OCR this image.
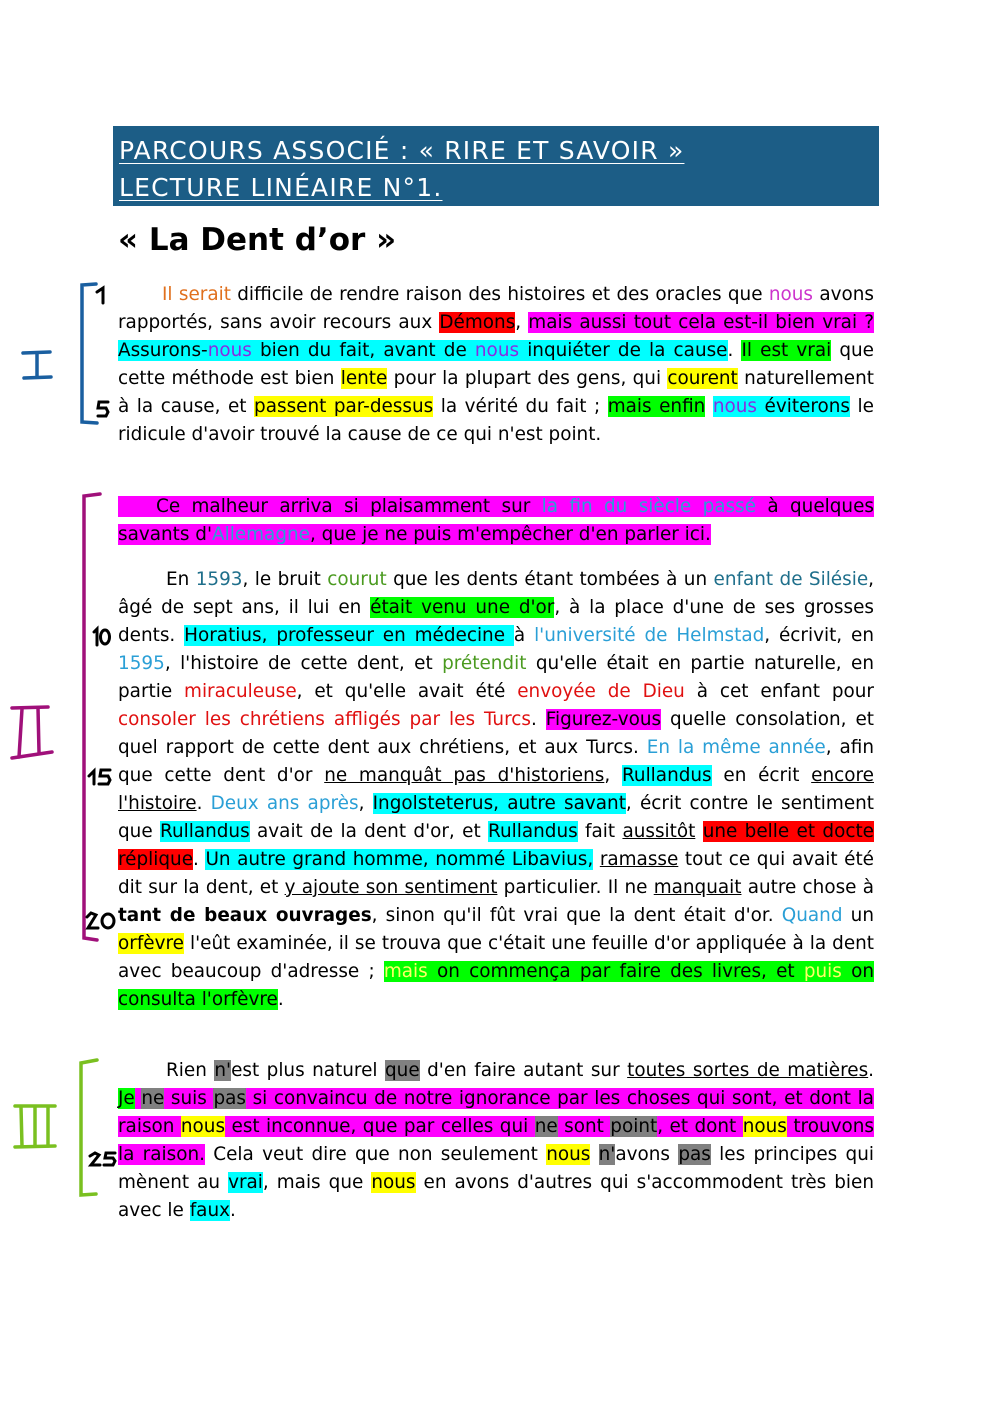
PARCOURS ASSOCIÉ : « RIRE ET SAVOIR »
LECTURE LINÉAIRE N°1.
« La Dent d’or »

Il serait difficile de rendre raison des histoires et des oracles que nous avons rapportés, sans avoir recours aux Démons, mais aussi tout cela est-il bien vrai ? Assurons-nous bien du fait, avant de nous inquiéter de la cause. Il est vrai que cette méthode est bien lente pour la plupart des gens, qui courent naturellement à la cause, et passent par-dessus la vérité du fait ; mais enfin nous éviterons le ridicule d'avoir trouvé la cause de ce qui n'est point.

Ce malheur arriva si plaisamment sur la fin du siècle passé à quelques savants d'Allemagne, que je ne puis m'empêcher d'en parler ici.

En 1593, le bruit courut que les dents étant tombées à un enfant de Silésie, âgé de sept ans, il lui en était venu une d'or, à la place d'une de ses grosses dents. Horatius, professeur en médecine à l'université de Helmstad, écrivit, en 1595, l'histoire de cette dent, et prétendit qu'elle était en partie naturelle, en partie miraculeuse, et qu'elle avait été envoyée de Dieu à cet enfant pour consoler les chrétiens affligés par les Turcs. Figurez-vous quelle consolation, et quel rapport de cette dent aux chrétiens, et aux Turcs. En la même année, afin que cette dent d'or ne manquât pas d'historiens, Rullandus en écrit encore l'histoire. Deux ans après, Ingolsteterus, autre savant, écrit contre le sentiment que Rullandus avait de la dent d'or, et Rullandus fait aussitôt une belle et docte réplique. Un autre grand homme, nommé Libavius, ramasse tout ce qui avait été dit sur la dent, et y ajoute son sentiment particulier. Il ne manquait autre chose à tant de beaux ouvrages, sinon qu'il fût vrai que la dent était d'or. Quand un orfèvre l'eût examinée, il se trouva que c'était une feuille d'or appliquée à la dent avec beaucoup d'adresse ; mais on commença par faire des livres, et puis on consulta l'orfèvre.

Rien n'est plus naturel que d'en faire autant sur toutes sortes de matières. Je ne suis pas si convaincu de notre ignorance par les choses qui sont, et dont la raison nous est inconnue, que par celles qui ne sont point, et dont nous trouvons la raison. Cela veut dire que non seulement nous n'avons pas les principes qui mènent au vrai, mais que nous en avons d'autres qui s'accommodent très bien avec le faux.
